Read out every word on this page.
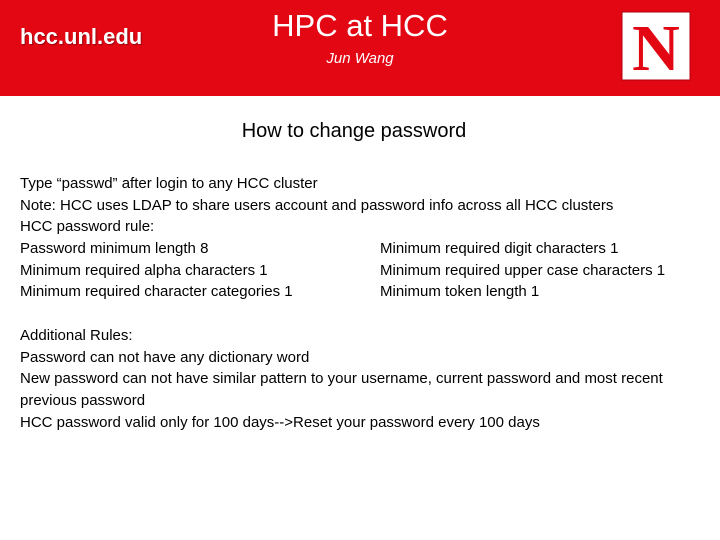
hcc.unl.edu	HPC at HCC
Jun Wang	N
How to change password
Type “passwd” after login to any HCC cluster
Note: HCC uses LDAP to share users account and password info across all HCC clusters
HCC password rule:
Password minimum length 8	Minimum required digit characters 1
Minimum required alpha characters 1	Minimum required upper case characters 1
Minimum required character categories 1	Minimum token length 1
Additional Rules:
Password can not have any dictionary word
New password can not have similar pattern to your username, current password and most recent previous password
HCC password valid only for 100 days-->Reset your password every 100 days
